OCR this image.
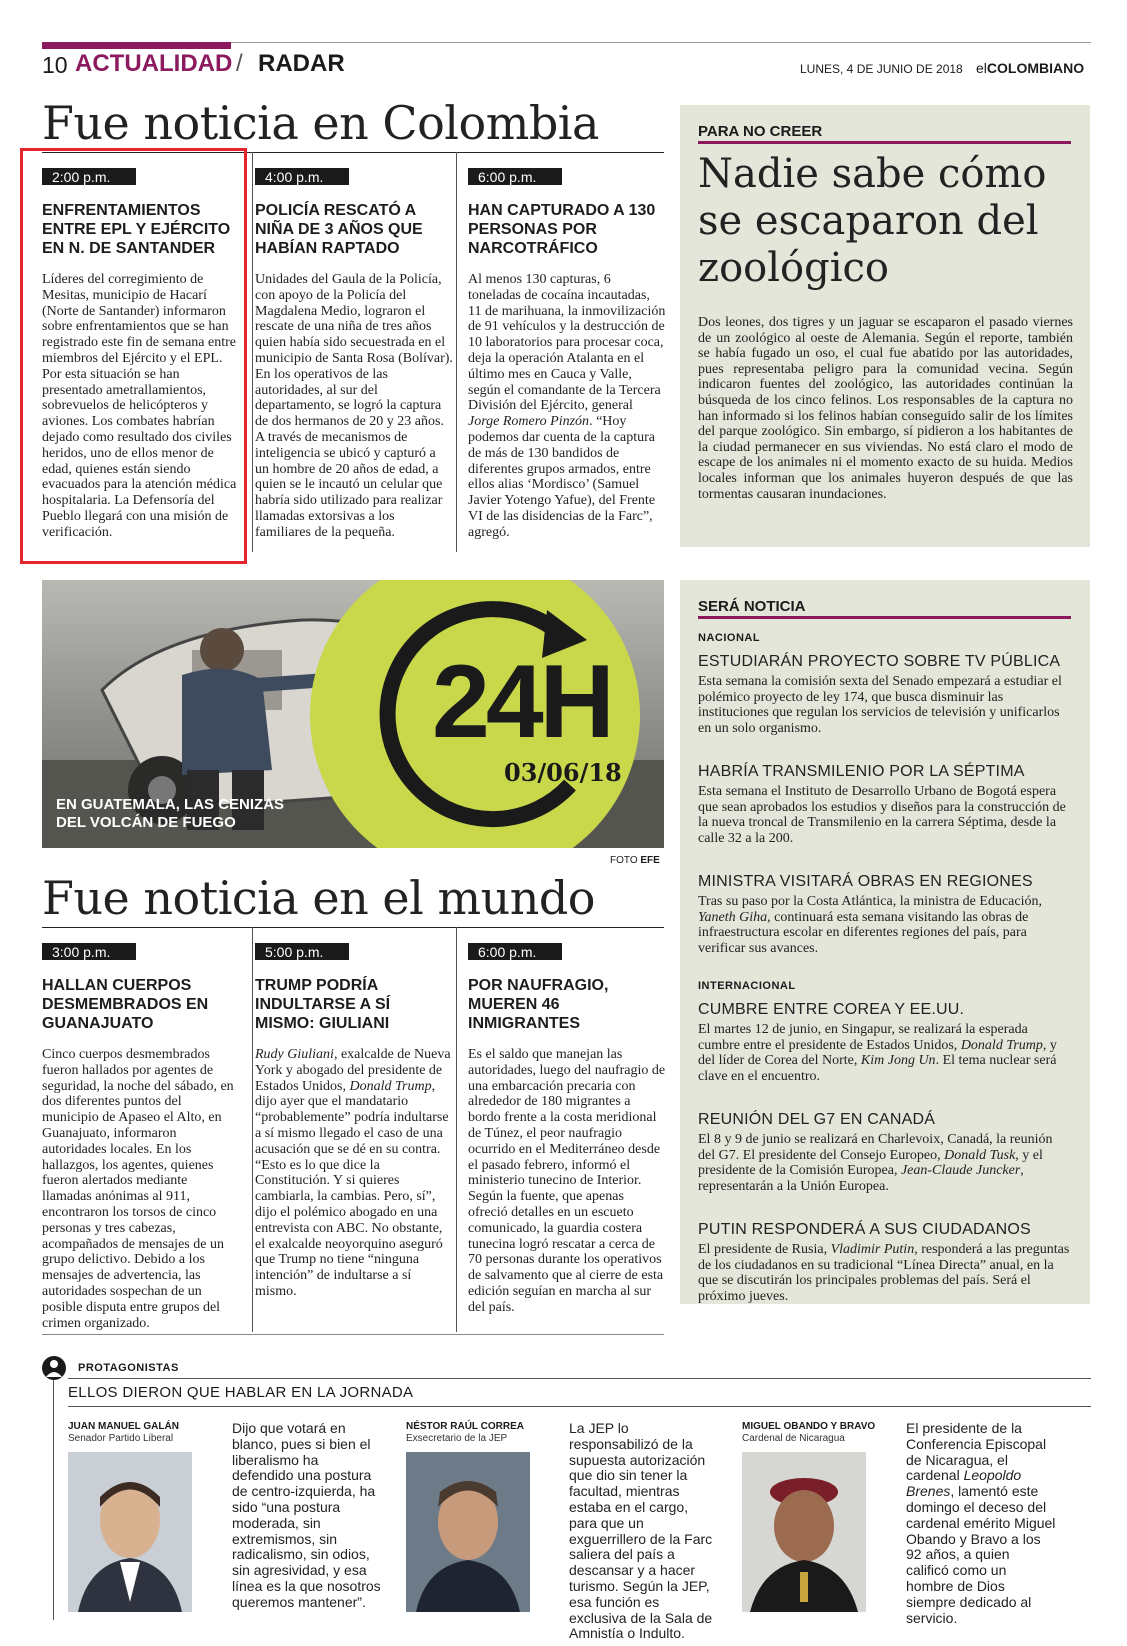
10 ACTUALIDAD / RADAR	LUNES, 4 DE JUNIO DE 2018 elCOLOMBIANO
Fue noticia en Colombia
2:00 p.m.
ENFRENTAMIENTOS ENTRE EPL Y EJÉRCITO EN N. DE SANTANDER
Líderes del corregimiento de Mesitas, municipio de Hacarí (Norte de Santander) informaron sobre enfrentamientos que se han registrado este fin de semana entre miembros del Ejército y el EPL. Por esta situación se han presentado ametrallamientos, sobrevuelos de helicópteros y aviones. Los combates habrían dejado como resultado dos civiles heridos, uno de ellos menor de edad, quienes están siendo evacuados para la atención médica hospitalaria. La Defensoría del Pueblo llegará con una misión de verificación.
4:00 p.m.
POLICÍA RESCATÓ A NIÑA DE 3 AÑOS QUE HABÍAN RAPTADO
Unidades del Gaula de la Policía, con apoyo de la Policía del Magdalena Medio, lograron el rescate de una niña de tres años quien había sido secuestrada en el municipio de Santa Rosa (Bolívar). En los operativos de las autoridades, al sur del departamento, se logró la captura de dos hermanos de 20 y 23 años. A través de mecanismos de inteligencia se ubicó y capturó a un hombre de 20 años de edad, a quien se le incautó un celular que habría sido utilizado para realizar llamadas extorsivas a los familiares de la pequeña.
6:00 p.m.
HAN CAPTURADO A 130 PERSONAS POR NARCOTRÁFICO
Al menos 130 capturas, 6 toneladas de cocaína incautadas, 11 de marihuana, la inmovilización de 91 vehículos y la destrucción de 10 laboratorios para procesar coca, deja la operación Atalanta en el último mes en Cauca y Valle, según el comandante de la Tercera División del Ejército, general Jorge Romero Pinzón. “Hoy podemos dar cuenta de la captura de más de 130 bandidos de diferentes grupos armados, entre ellos alias ‘Mordisco’ (Samuel Javier Yotengo Yafue), del Frente VI de las disidencias de la Farc”, agregó.
24H
03/06/18
EN GUATEMALA, LAS CENIZAS
DEL VOLCÁN DE FUEGO
FOTO EFE
Fue noticia en el mundo
3:00 p.m.
HALLAN CUERPOS DESMEMBRADOS EN GUANAJUATO
Cinco cuerpos desmembrados fueron hallados por agentes de seguridad, la noche del sábado, en dos diferentes puntos del municipio de Apaseo el Alto, en Guanajuato, informaron autoridades locales. En los hallazgos, los agentes, quienes fueron alertados mediante llamadas anónimas al 911, encontraron los torsos de cinco personas y tres cabezas, acompañados de mensajes de un grupo delictivo. Debido a los mensajes de advertencia, las autoridades sospechan de un posible disputa entre grupos del crimen organizado.
5:00 p.m.
TRUMP PODRÍA INDULTARSE A SÍ MISMO: GIULIANI
Rudy Giuliani, exalcalde de Nueva York y abogado del presidente de Estados Unidos, Donald Trump, dijo ayer que el mandatario “probablemente” podría indultarse a sí mismo llegado el caso de una acusación que se dé en su contra. “Esto es lo que dice la Constitución. Y si quieres cambiarla, la cambias. Pero, sí”, dijo el polémico abogado en una entrevista con ABC. No obstante, el exalcalde neoyorquino aseguró que Trump no tiene “ninguna intención” de indultarse a sí mismo.
6:00 p.m.
POR NAUFRAGIO, MUEREN 46 INMIGRANTES
Es el saldo que manejan las autoridades, luego del naufragio de una embarcación precaria con alrededor de 180 migrantes a bordo frente a la costa meridional de Túnez, el peor naufragio ocurrido en el Mediterráneo desde el pasado febrero, informó el ministerio tunecino de Interior. Según la fuente, que apenas ofreció detalles en un escueto comunicado, la guardia costera tunecina logró rescatar a cerca de 70 personas durante los operativos de salvamento que al cierre de esta edición seguían en marcha al sur del país.
PARA NO CREER
Nadie sabe cómo se escaparon del zoológico
Dos leones, dos tigres y un jaguar se escaparon el pasado viernes de un zoológico al oeste de Alemania. Según el reporte, también se había fugado un oso, el cual fue abatido por las autoridades, pues representaba peligro para la comunidad vecina. Según indicaron fuentes del zoológico, las autoridades continúan la búsqueda de los cinco felinos. Los responsables de la captura no han informado si los felinos habían conseguido salir de los límites del parque zoológico. Sin embargo, sí pidieron a los habitantes de la ciudad permanecer en sus viviendas. No está claro el modo de escape de los animales ni el momento exacto de su huida. Medios locales informan que los animales huyeron después de que las tormentas causaran inundaciones.
SERÁ NOTICIA
NACIONAL
ESTUDIARÁN PROYECTO SOBRE TV PÚBLICA
Esta semana la comisión sexta del Senado empezará a estudiar el polémico proyecto de ley 174, que busca disminuir las instituciones que regulan los servicios de televisión y unificarlos en un solo organismo.
HABRÍA TRANSMILENIO POR LA SÉPTIMA
Esta semana el Instituto de Desarrollo Urbano de Bogotá espera que sean aprobados los estudios y diseños para la construcción de la nueva troncal de Transmilenio en la carrera Séptima, desde la calle 32 a la 200.
MINISTRA VISITARÁ OBRAS EN REGIONES
Tras su paso por la Costa Atlántica, la ministra de Educación, Yaneth Giha, continuará esta semana visitando las obras de infraestructura escolar en diferentes regiones del país, para verificar sus avances.
INTERNACIONAL
CUMBRE ENTRE COREA Y EE.UU.
El martes 12 de junio, en Singapur, se realizará la esperada cumbre entre el presidente de Estados Unidos, Donald Trump, y del líder de Corea del Norte, Kim Jong Un. El tema nuclear será clave en el encuentro.
REUNIÓN DEL G7 EN CANADÁ
El 8 y 9 de junio se realizará en Charlevoix, Canadá, la reunión del G7. El presidente del Consejo Europeo, Donald Tusk, y el presidente de la Comisión Europea, Jean-Claude Juncker, representarán a la Unión Europea.
PUTIN RESPONDERÁ A SUS CIUDADANOS
El presidente de Rusia, Vladimir Putin, responderá a las preguntas de los ciudadanos en su tradicional “Línea Directa” anual, en la que se discutirán los principales problemas del país. Será el próximo jueves.
PROTAGONISTAS
ELLOS DIERON QUE HABLAR EN LA JORNADA
JUAN MANUEL GALÁN
Senador Partido Liberal
Dijo que votará en blanco, pues si bien el liberalismo ha defendido una postura de centro-izquierda, ha sido “una postura moderada, sin extremismos, sin radicalismo, sin odios, sin agresividad, y esa línea es la que nosotros queremos mantener”.
NÉSTOR RAÚL CORREA
Exsecretario de la JEP
La JEP lo responsabilizó de la supuesta autorización que dio sin tener la facultad, mientras estaba en el cargo, para que un exguerrillero de la Farc saliera del país a descansar y a hacer turismo. Según la JEP, esa función es exclusiva de la Sala de Amnistía o Indulto.
MIGUEL OBANDO Y BRAVO
Cardenal de Nicaragua
El presidente de la Conferencia Episcopal de Nicaragua, el cardenal Leopoldo Brenes, lamentó este domingo el deceso del cardenal emérito Miguel Obando y Bravo a los 92 años, a quien calificó como un hombre de Dios siempre dedicado al servicio.
